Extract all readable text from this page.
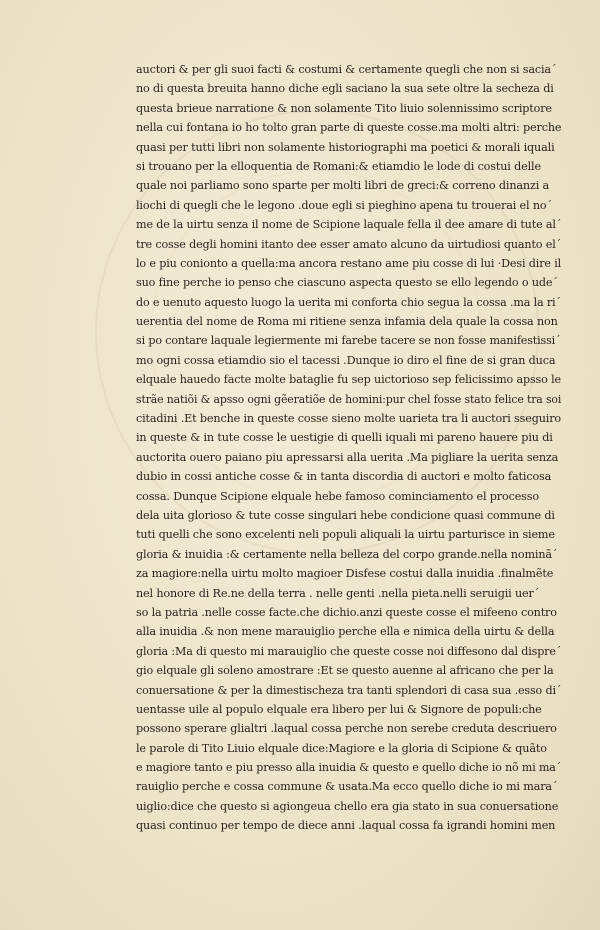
auctori & per gli suoi facti & costumi & certamente quegli che non si saciaˊ
no di questa breuita hanno diche egli saciano la sua sete oltre la secheza di
questa brieue narratione & non solamente Tito liuio solennissimo scriptore
nella cui fontana io ho tolto gran parte di queste cosse.ma molti altri: perche
quasi per tutti libri non solamente historiographi ma poetici & morali iquali
si trouano per la elloquentia de Romani:& etiamdio le lode di costui delle
quale noi parliamo sono sparte per molti libri de greci:& correno dinanzi a
liochi di quegli che le legono .doue egli si pieghino apena tu trouerai el noˊ
me de la uirtu senza il nome de Scipione laquale fella il dee amare di tute alˊ
tre cosse degli homini itanto dee esser amato alcuno da uirtudiosi quanto elˊ
lo e piu coniontо a quella:ma ancora restano ame piu cosse di lui ·Desi dire il
suo fine perche io penso che ciascuno aspecta questo se ello legendo o udeˊ
do e uenuto aquesto luogo la ueritа mi conforta chio segua la cossa .ma la riˊ
uerentia del nome de Roma mi ritiene senza infamia dela quale la cossa non
si po contare laquale legiermente mi farebe tacere se non fosse manifestissiˊ
mo ogni cossa etiamdio sio el tacessi .Dunque io diro el fine de si gran duca
elquale hauedo facte molte bataglie fu sep uictorioso sep felicissimo apsso le
strãe natiõi & apsso ogni gẽeratiõe de homini:pur chel fosse stato felice tra soi
citadini .Et benche in queste cosse sieno molte uarieta tra li auctori sseguiro
in queste & in tute cosse le uestigie di quelli iquali mi pareno hauere piu di
auctorita ouero paiano piu apressarsi alla uerita .Ma pigliare la uerita senza
dubio in cossi antiche cosse & in tanta discordia di auctori e molto faticosa
cossa. Dunque Scipione elquale hebe famoso comincіamento el processo
dela uita glorioso & tute cosse singulari hebe condicione quasi commune di
tuti quelli che sono excelenti neli populi aliquali la uirtu parturisce in sieme
gloria & inuidia :& certamente nella belleza del corpo grande.nella nominãˊ
za magiore:nella uirtu molto magioer Disfese costui dalla inuidia .finalmẽte
nel honore di Re.ne della terra . nelle genti .nella pieta.nelli seruigii uerˊ
so la patria .nelle cosse facte.che dichio.anzi queste cosse el mifeeno contro
alla inuidia .& non mene marauiglio perche ella e nimica della uirtu & della
gloria :Ma di questo mi marauiglio che queste cosse noi diffesono dal dispreˊ
gio elquale gli soleno amostrare :Et se questo auenne al africano che per la
conuersatione & per la dimestischeza tra tanti splendori di casa sua .esso diˊ
uentasse uile al populo elquale era libero per lui & Signore de populi:che
possono sperare glialtri .laqual cossa perche non serebe creduta descriuero
le parole di Tito Liuio elquale dice:Magiore e la gloria di Scipione & quãto
e magiore tanto e piu presso alla inuidia & questo e quello diche io nõ mi maˊ
rauiglio perche e cossa commune & usata.Ma ecco quello diche io mi maraˊ
uiglio:dice che questo si agiongeua chello era gia stato in sua conuersatione
quasi continuo per tempo de diece anni .laqual cossa fa igrandi homini men
